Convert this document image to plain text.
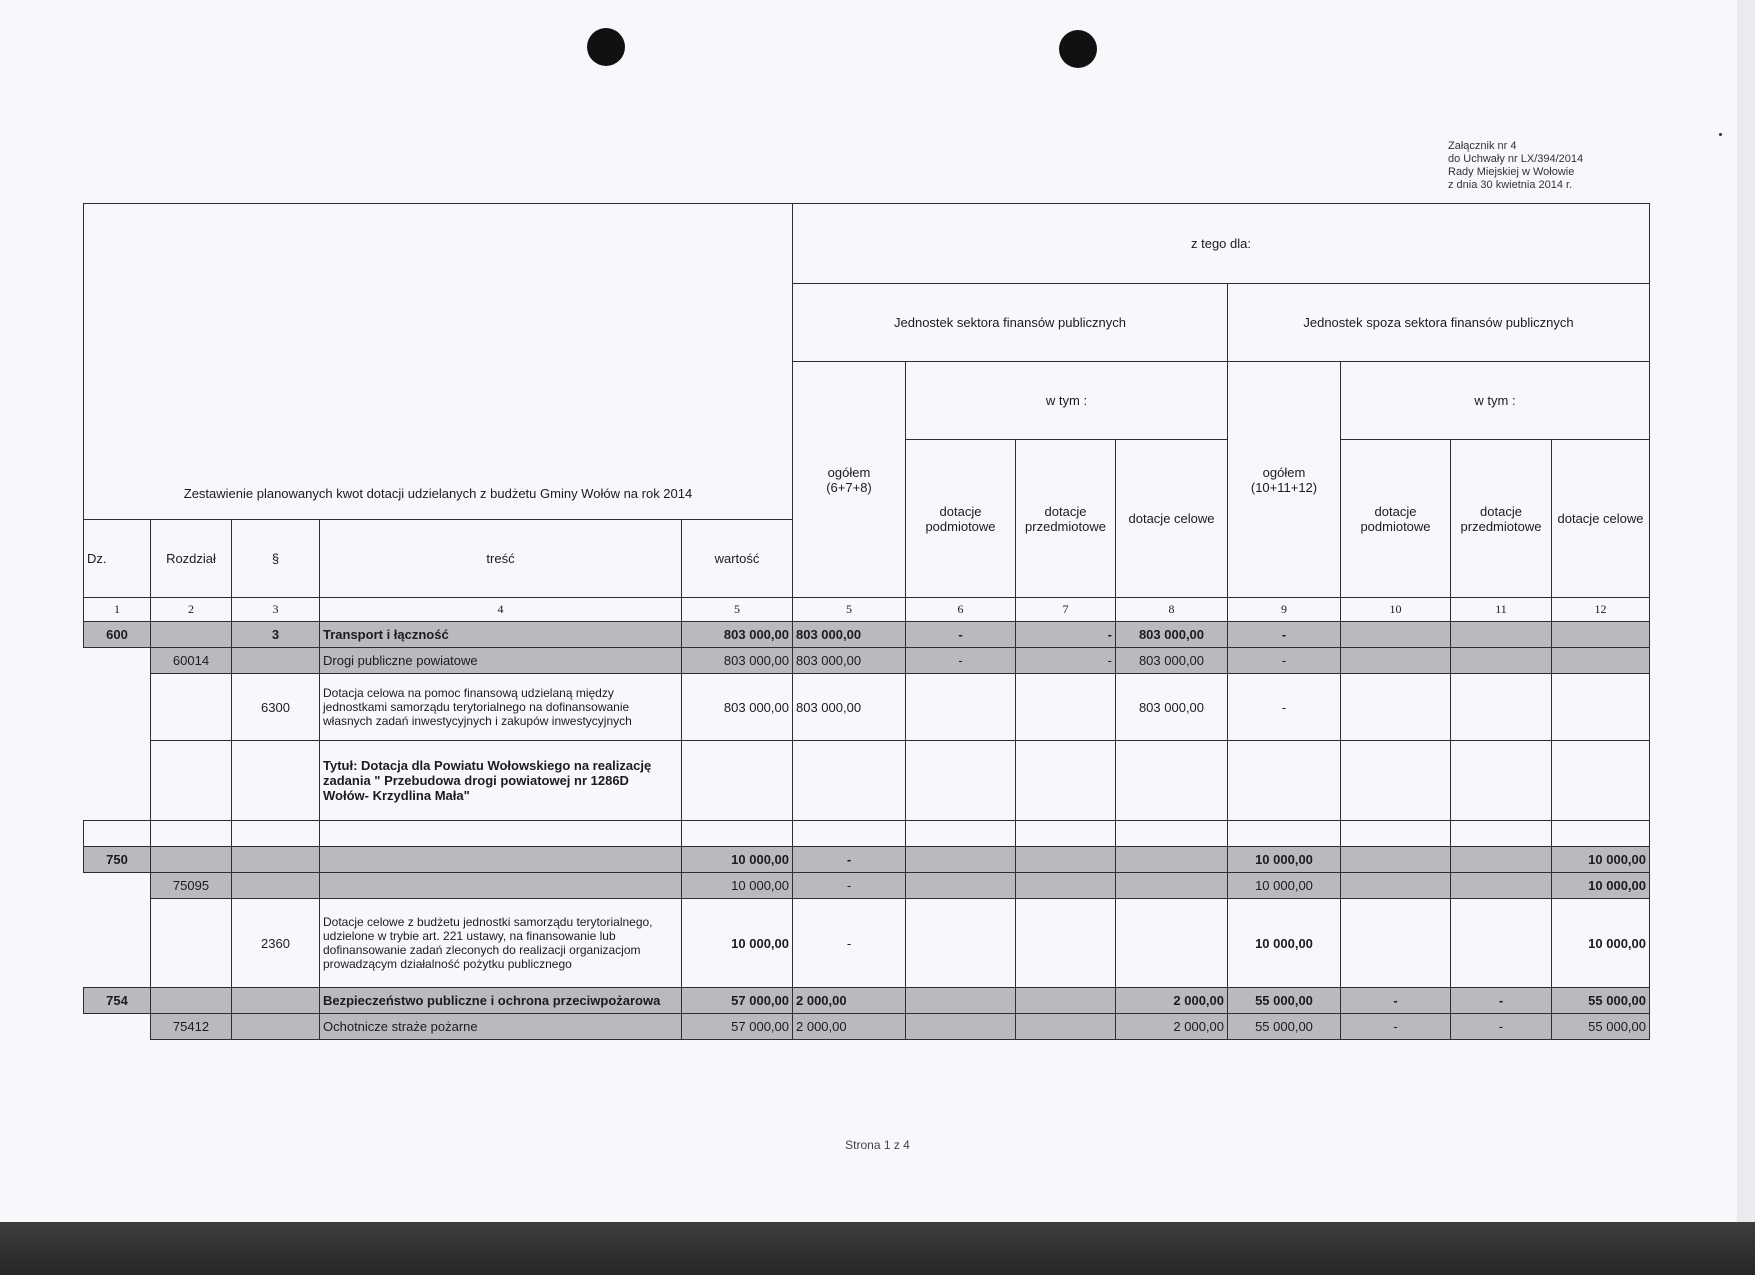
Załącznik nr 4
do Uchwały nr LX/394/2014
Rady Miejskiej w Wołowie
z dnia 30 kwietnia 2014 r.
Zestawienie planowanych kwot dotacji udzielanych z budżetu Gminy Wołów na rok 2014					z tego dla:							
					Jednostek sektora finansów publicznych				Jednostek spoza sektora finansów publicznych			
					ogółem
(6+7+8)	w tym :			ogółem
(10+11+12)	w tym :		
						dotacje podmiotowe	dotacje przedmiotowe	dotacje celowe		dotacje podmiotowe	dotacje przedmiotowe	dotacje celowe
Dz.	Rozdział	§	treść	wartość								
1	2	3	4	5	5	6	7	8	9	10	11	12
600		3	Transport i łączność	803 000,00	803 000,00	-	-	803 000,00	-			
	60014		Drogi publiczne powiatowe	803 000,00	803 000,00	-	-	803 000,00	-			
		6300	Dotacja celowa na pomoc finansową udzielaną między jednostkami samorządu terytorialnego na dofinansowanie własnych zadań inwestycyjnych i zakupów inwestycyjnych	803 000,00	803 000,00			803 000,00	-			
			Tytuł: Dotacja dla Powiatu Wołowskiego na realizację zadania " Przebudowa drogi powiatowej nr 1286D Wołów- Krzydlina Mała"									

750				10 000,00	-				10 000,00			10 000,00
	75095			10 000,00	-				10 000,00			10 000,00
		2360	Dotacje celowe z budżetu jednostki samorządu terytorialnego, udzielone w trybie art. 221 ustawy, na finansowanie lub dofinansowanie zadań zleconych do realizacji organizacjom prowadzącym działalność pożytku publicznego	10 000,00	-				10 000,00			10 000,00
754			Bezpieczeństwo publiczne i ochrona przeciwpożarowa	57 000,00	2 000,00			2 000,00	55 000,00	-	-	55 000,00
	75412		Ochotnicze straże pożarne	57 000,00	2 000,00			2 000,00	55 000,00	-	-	55 000,00
Strona 1 z 4
